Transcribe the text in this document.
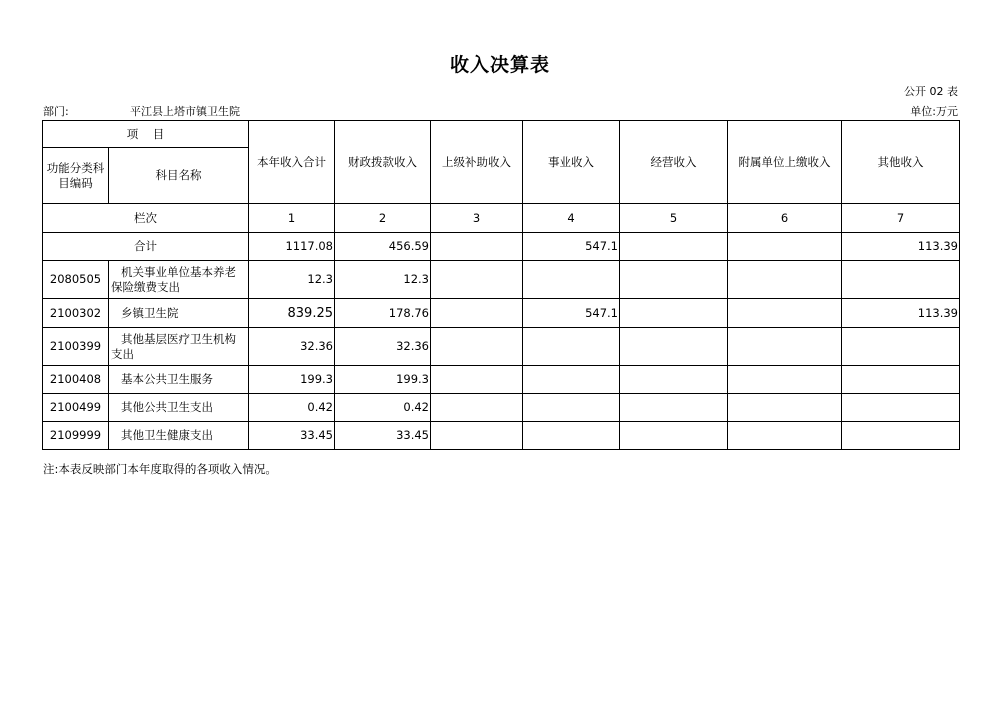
收入决算表
公开 02 表
部门:	平江县上塔市镇卫生院	单位:万元
项    目		本年收入合计	财政拨款收入	上级补助收入	事业收入	经营收入	附属单位上缴收入	其他收入
功能分类科目编码	科目名称							
栏次		1	2	3	4	5	6	7
合计		1117.08	456.59		547.1			113.39
2080505	机关事业单位基本养老保险缴费支出	12.3	12.3					
2100302	乡镇卫生院	839.25	178.76		547.1			113.39
2100399	其他基层医疗卫生机构支出	32.36	32.36					
2100408	基本公共卫生服务	199.3	199.3					
2100499	其他公共卫生支出	0.42	0.42					
2109999	其他卫生健康支出	33.45	33.45					
注:本表反映部门本年度取得的各项收入情况。
